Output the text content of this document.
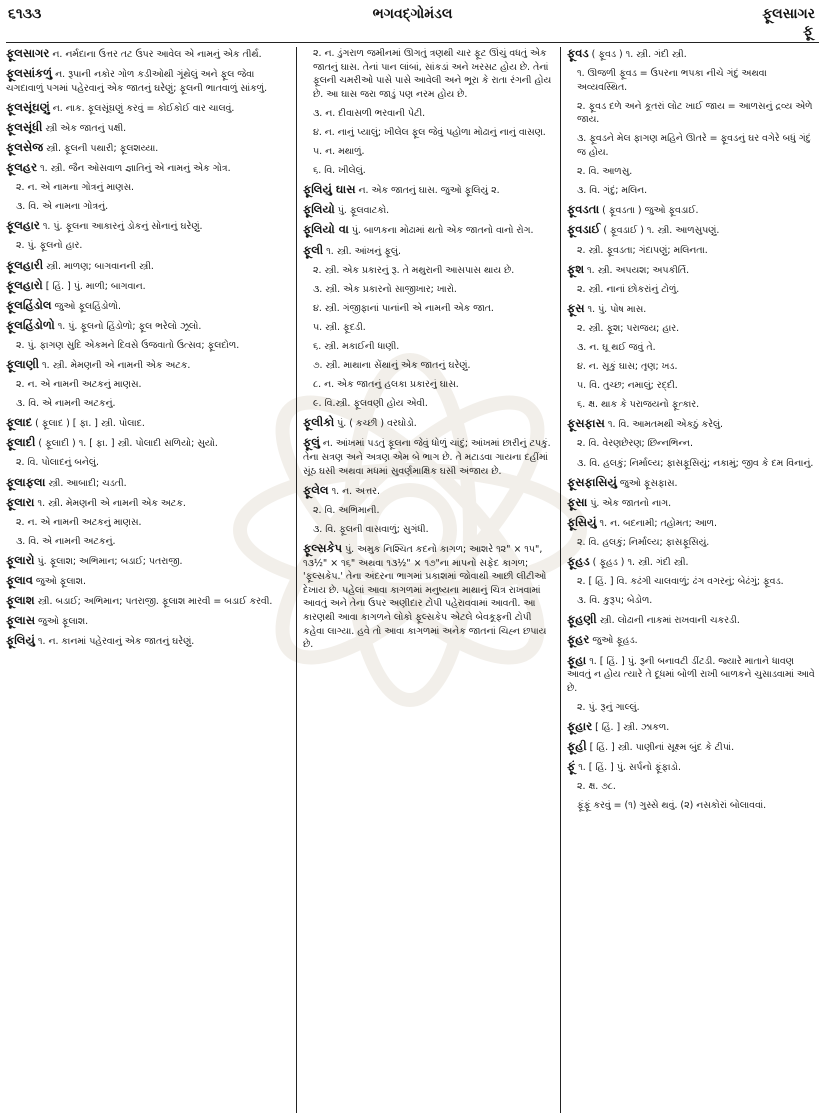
૬૧૩૩	ભગવદ્ગોમંડલ	ફૂલસાગર
ફૂ

ફૂલસાગર ન. નર્મદાના ઉત્તર તટ ઉપર આવેલ એ નામનું એક તીર્થ.

ફૂલસાંકળું ન. રૂપાની નકોર ગોળ કડીઓથી ગૂંથેલું અને ફૂલ જેવા ચગદાવાળું પગમાં પહેરવાનું એક જાતનું ઘરેણું; ફૂલની ભાતવાળું સાંકળું.

ફૂલસૂંઘણું ન. નાક. ફૂલસૂંઘણું કરવું = કોઈકોઈ વાર ચાલવું.

ફૂલસૂંધી સ્ત્રી એક જાતનું પક્ષી.

ફૂલસેજ સ્ત્રી. ફૂલની પથારી; ફૂલશય્યા.

ફૂલહર ૧. સ્ત્રી. જૈન ઓસવાળ જ્ઞાતિનું એ નામનું એક ગોત્ર.

૨. ન. એ નામના ગોત્રનું માણસ.

૩. વિ. એ નામના ગોત્રનું.

ફૂલહાર ૧. પું. ફૂલના આકારનું ડોકનું સોનાનું ઘરેણું.

૨. પું. ફૂલનો હાર.

ફૂલહારી સ્ત્રી. માળણ; બાગવાનની સ્ત્રી.

ફૂલહારો [ હિં. ] પું. માળી; બાગવાન.

ફૂલહિંડોલ જુઓ ફૂલહિંડોળો.

ફૂલહિંડોળો ૧. પું. ફૂલનો હિંડોળો; ફૂલ ભરેલો ઝૂલો.

૨. પું. ફાગણ સુદિ એકમને દિવસે ઉજવાતો ઉત્સવ; ફૂલદોળ.

ફૂલાણી ૧. સ્ત્રી. મેમણની એ નામની એક અટક.

૨. ન. એ નામની અટકનું માણસ.

૩. વિ. એ નામની અટકનું.

ફૂલાદ ( ફૂલાદ ) [ ફા. ] સ્ત્રી. પોલાદ.

ફૂલાદી ( ફૂલાદી ) ૧. [ ફા. ] સ્ત્રી. પોલાદી સળિયો; સુયો.

૨. વિ. પોલાદનું બનેલું.

ફૂલાફલા સ્ત્રી. આબાદી; ચડતી.

ફૂલારા ૧. સ્ત્રી. મેમણની એ નામની એક અટક.

૨. ન. એ નામની અટકનું માણસ.

૩. વિ. એ નામની અટકનું.

ફૂલારો પું. ફૂલાશ; અભિમાન; બડાઈ; પતરાજી.

ફૂલાવ જુઓ ફૂલાશ.

ફૂલાશ સ્ત્રી. બડાઈ; અભિમાન; પતરાજી. ફૂલાશ મારવી = બડાઈ કરવી.

ફૂલાસ જુઓ ફૂલાશ.

ફૂલિયું ૧. ન. કાનમાં પહેરવાનું એક જાતનું ઘરેણું.

૨. ન. ડુંગરાળ જમીનમાં ઊગતું ત્રણથી ચાર ફૂટ ઊંચું વધતું એક જાતનું ઘાસ. તેનાં પાન લાંબાં, સાંકડાં અને ખરસટ હોય છે. તેનાં ફૂલની ચમરીઓ પાસે પાસે આવેલી અને ભૂરા કે રાતા રંગની હોય છે. આ ઘાસ જરા જાડું પણ નરમ હોય છે.

૩. ન. દીવાસળી ભરવાની પેટી.

૪. ન. નાનું પ્યાલું; ખીલેલ ફૂલ જેવું પહોળા મોઢાનું નાનું વાસણ.

૫. ન. મથાળું.

૬. વિ. ખીલેલું.

ફૂલિયું ઘાસ ન. એક જાતનું ઘાસ. જુઓ ફૂલિયું ૨.

ફૂલિયો પું. ફૂલવાટકો.

ફૂલિયો વા પું. બાળકના મોઢામાં થતો એક જાતનો વાનો રોગ.

ફૂલી ૧. સ્ત્રી. આંખનું ફૂલું.

૨. સ્ત્રી. એક પ્રકારનું રૂ. તે મથુરાની આસપાસ થાય છે.

૩. સ્ત્રી. એક પ્રકારનો સાજીખાર; ખારો.

૪. સ્ત્રી. ગંજીફાનાં પાનાંની એ નામની એક જાત.

૫. સ્ત્રી. ફૂદડી.

૬. સ્ત્રી. મકાઈની ધાણી.

૭. સ્ત્રી. માથાના સેંથાનું એક જાતનું ઘરેણું.

૮. ન. એક જાતનું હલકા પ્રકારનું ઘાસ.

૯. વિ.સ્ત્રી. ફૂલવણી હોય એવી.

ફૂલીકો પું. ( કચ્છી ) વરઘોડો.

ફૂલું ન. આંખમાં પડતું ફૂલના જેવું ધોળું ચાંદું; આંખમાં છારીનું ટપકું. તેના સત્રણ અને અત્રણ એમ બે ભાગ છે. તે મટાડવા ગાયના દહીંમાં સૂંઠ ઘસી અથવા મધમાં સુવર્ણમાક્ષિક ઘસી અંજાય છે.

ફૂલેલ ૧. ન. અત્તર.

૨. વિ. અભિમાની.

૩. વિ. ફૂલની વાસવાળું; સુગંધી.

ફૂલ્સકેપ પું. અમુક નિશ્ચિત કદનો કાગળ; આશરે ૧૨" × ૧૫", ૧૩½" × ૧૬" અથવા ૧૩½" × ૧૭"ના માપનો સફેદ કાગળ; 'ફૂલ્સકેપ.' તેના અંદરના ભાગમાં પ્રકાશમાં જોવાથી આછી લીટીઓ દેખાય છે. પહેલાં આવા કાગળમાં મનુષ્યના માથાનું ચિત્ર રાખવામાં આવતું અને તેના ઉપર અણીદાર ટોપી પહેરાવવામાં આવતી. આ કારણથી આવા કાગળને લોકો ફૂલ્સકેપ એટલે બેવકૂફની ટોપી કહેવા લાગ્યા. હવે તો આવા કાગળમાં અનેક જાતનાં ચિહ્ન છપાય છે.

ફૂવડ ( ફૂવડ ) ૧. સ્ત્રી. ગંદી સ્ત્રી.

૧. ઊજળી ફૂવડ = ઉપરના ભપકા નીચે ગંદું અથવા અવ્યવસ્થિત.

૨. ફૂવડ દળે અને કૂતરાં લોટ ખાઈ જાય = આળસનું દ્રવ્ય એળે જાય.

૩. ફૂવડને મેલ ફાગણ મહિને ઊતરે = ફૂવડનું ઘર વગેરે બધું ગંદું જ હોય.

૨. વિ. આળસુ.

૩. વિ. ગંદું; મલિન.

ફૂવડતા ( ફૂવડતા ) જુઓ ફૂવડાઈ.

ફૂવડાઈ ( ફૂવડાઈ ) ૧. સ્ત્રી. આળસુપણું.

૨. સ્ત્રી. ફૂવડતા; ગંદાપણું; મલિનતા.

ફૂશ ૧. સ્ત્રી. અપયશ; અપકીર્તિ.

૨. સ્ત્રી. નાનાં છોકરાંનું ટોળું.

ફૂસ ૧. પું. પોષ માસ.

૨. સ્ત્રી. ફૂશ; પરાજય; હાર.

૩. ન. ઘૂ થઈ જવું તે.

૪. ન. સૂકું ઘાસ; તૃણ; ખડ.

૫. વિ. તુચ્છ; નમાલું; રદ્દી.

૬. ક્ષ. થાક કે પરાજયનો ફૂત્કાર.

ફૂસફાસ ૧. વિ. આમતમથી એકઠું કરેલું.

૨. વિ. વેરણછેરણ; છિન્નભિન્ન.

૩. વિ. હલકું; નિર્માલ્ય; ફાસફૂસિયું; નકામું; જીવ કે દમ વિનાનું.

ફૂસફાસિયું જુઓ ફૂસફાસ.

ફૂસા પું. એક જાતનો નાગ.

ફૂસિયું ૧. ન. બદનામી; તહોમત; આળ.

૨. વિ. હલકું; નિર્માલ્ય; ફાસફૂસિયું.

ફૂહડ ( ફૂહડ ) ૧. સ્ત્રી. ગંદી સ્ત્રી.

૨. [ હિં. ] વિ. કઢંગી ચાલવાળું; ઢંગ વગરનું; બેઢંગું; ફૂવડ.

૩. વિ. કુરૂપ; બેડોળ.

ફૂહણી સ્ત્રી. લોઢાની નાકમાં રાખવાની ચકરડી.

ફૂહર જુઓ ફૂહડ.

ફૂહા ૧. [ હિં. ] પું. રૂની બનાવટી ડીંટડી. જ્યારે માતાને ધાવણ આવતું ન હોય ત્યારે તે દૂધમાં બોળી રાખી બાળકને ચુસાડવામાં આવે છે.

૨. પું. રૂનું ગાલ્લું.

ફૂહાર [ હિં. ] સ્ત્રી. ઝાકળ.

ફૂહી [ હિં. ] સ્ત્રી. પાણીનાં સૂક્ષ્મ બુંદ કે ટીપાં.

ફૂં ૧. [ હિં. ] પું. સર્પનો ફૂંફાડો.

૨. ક્ષ. ૭૮.

ફૂંફૂં કરવું = (૧) ગુસ્સે થવું. (૨) નસકોરાં બોલાવવાં.
